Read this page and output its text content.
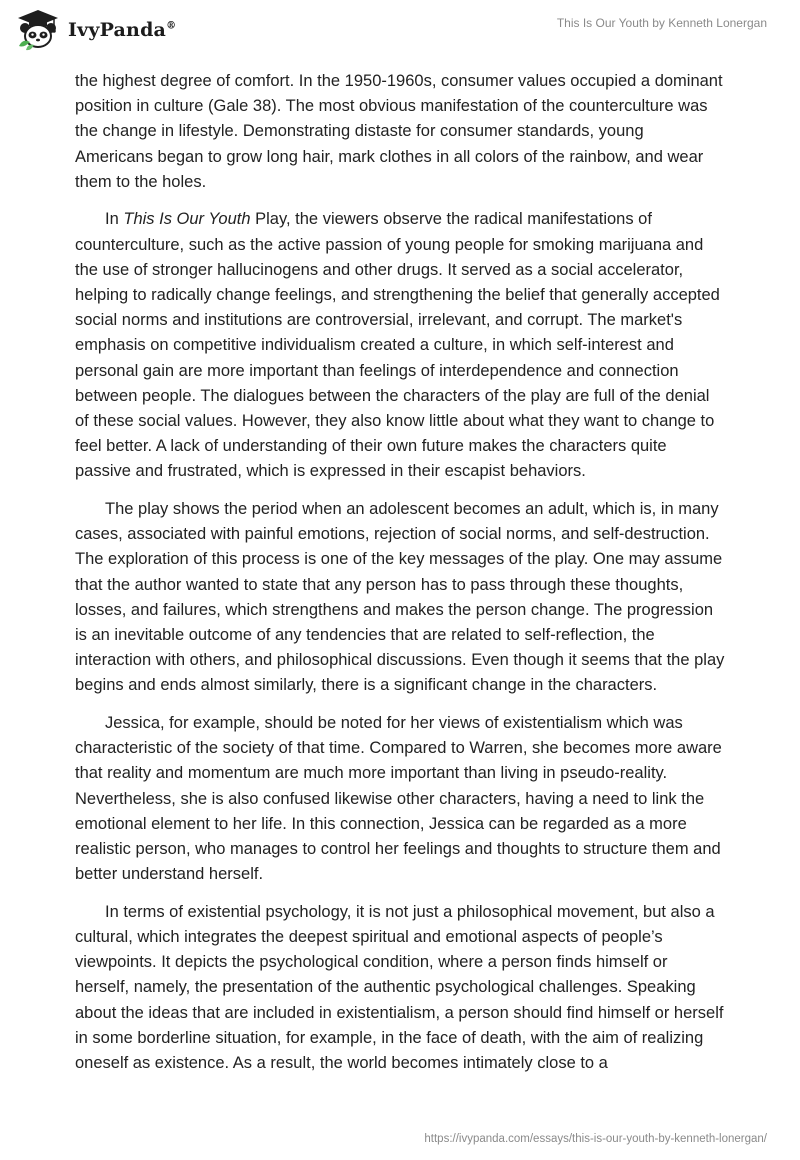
IvyPanda®	This Is Our Youth by Kenneth Lonergan

the highest degree of comfort. In the 1950-1960s, consumer values occupied a dominant position in culture (Gale 38). The most obvious manifestation of the counterculture was the change in lifestyle. Demonstrating distaste for consumer standards, young Americans began to grow long hair, mark clothes in all colors of the rainbow, and wear them to the holes.

In This Is Our Youth Play, the viewers observe the radical manifestations of counterculture, such as the active passion of young people for smoking marijuana and the use of stronger hallucinogens and other drugs. It served as a social accelerator, helping to radically change feelings, and strengthening the belief that generally accepted social norms and institutions are controversial, irrelevant, and corrupt. The market's emphasis on competitive individualism created a culture, in which self-interest and personal gain are more important than feelings of interdependence and connection between people. The dialogues between the characters of the play are full of the denial of these social values. However, they also know little about what they want to change to feel better. A lack of understanding of their own future makes the characters quite passive and frustrated, which is expressed in their escapist behaviors.

The play shows the period when an adolescent becomes an adult, which is, in many cases, associated with painful emotions, rejection of social norms, and self-destruction. The exploration of this process is one of the key messages of the play. One may assume that the author wanted to state that any person has to pass through these thoughts, losses, and failures, which strengthens and makes the person change. The progression is an inevitable outcome of any tendencies that are related to self-reflection, the interaction with others, and philosophical discussions. Even though it seems that the play begins and ends almost similarly, there is a significant change in the characters.

Jessica, for example, should be noted for her views of existentialism which was characteristic of the society of that time. Compared to Warren, she becomes more aware that reality and momentum are much more important than living in pseudo-reality. Nevertheless, she is also confused likewise other characters, having a need to link the emotional element to her life. In this connection, Jessica can be regarded as a more realistic person, who manages to control her feelings and thoughts to structure them and better understand herself.

In terms of existential psychology, it is not just a philosophical movement, but also a cultural, which integrates the deepest spiritual and emotional aspects of people’s viewpoints. It depicts the psychological condition, where a person finds himself or herself, namely, the presentation of the authentic psychological challenges. Speaking about the ideas that are included in existentialism, a person should find himself or herself in some borderline situation, for example, in the face of death, with the aim of realizing oneself as existence. As a result, the world becomes intimately close to a

https://ivypanda.com/essays/this-is-our-youth-by-kenneth-lonergan/
